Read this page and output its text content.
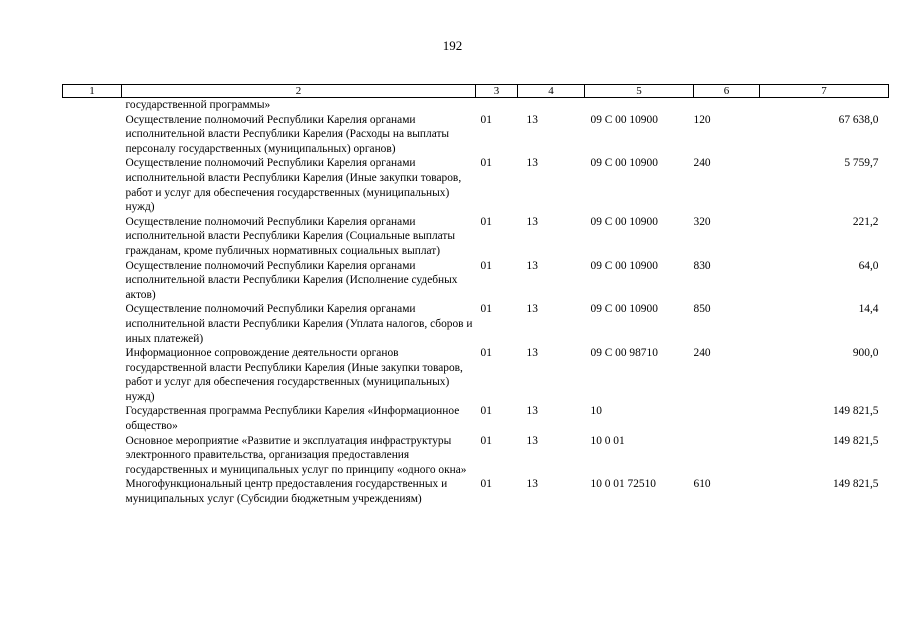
192
1	2	3	4	5	6	7
	государственной программы»					
	Осуществление полномочий Республики Карелия органами исполнительной власти Республики Карелия (Расходы на выплаты персоналу государственных (муниципальных) органов)	01	13	09 С 00 10900	120	67 638,0
	Осуществление полномочий Республики Карелия органами исполнительной власти Республики Карелия (Иные закупки товаров, работ и услуг для обеспечения государственных (муниципальных) нужд)	01	13	09 С 00 10900	240	5 759,7
	Осуществление полномочий Республики Карелия органами исполнительной власти Республики Карелия (Социальные выплаты гражданам, кроме публичных нормативных социальных выплат)	01	13	09 С 00 10900	320	221,2
	Осуществление полномочий Республики Карелия органами исполнительной власти Республики Карелия (Исполнение судебных актов)	01	13	09 С 00 10900	830	64,0
	Осуществление полномочий Республики Карелия органами исполнительной власти Республики Карелия (Уплата налогов, сборов и иных платежей)	01	13	09 С 00 10900	850	14,4
	Информационное сопровождение деятельности органов государственной власти Республики Карелия (Иные закупки товаров, работ и услуг для обеспечения государственных (муниципальных) нужд)	01	13	09 С 00 98710	240	900,0
	Государственная программа Республики Карелия «Информационное общество»	01	13	10		149 821,5
	Основное мероприятие «Развитие и эксплуатация инфраструктуры электронного правительства, организация предоставления государственных и муниципальных услуг по принципу «одного окна»	01	13	10 0 01		149 821,5
	Многофункциональный центр предоставления государственных и муниципальных услуг (Субсидии бюджетным учреждениям)	01	13	10 0 01 72510	610	149 821,5
